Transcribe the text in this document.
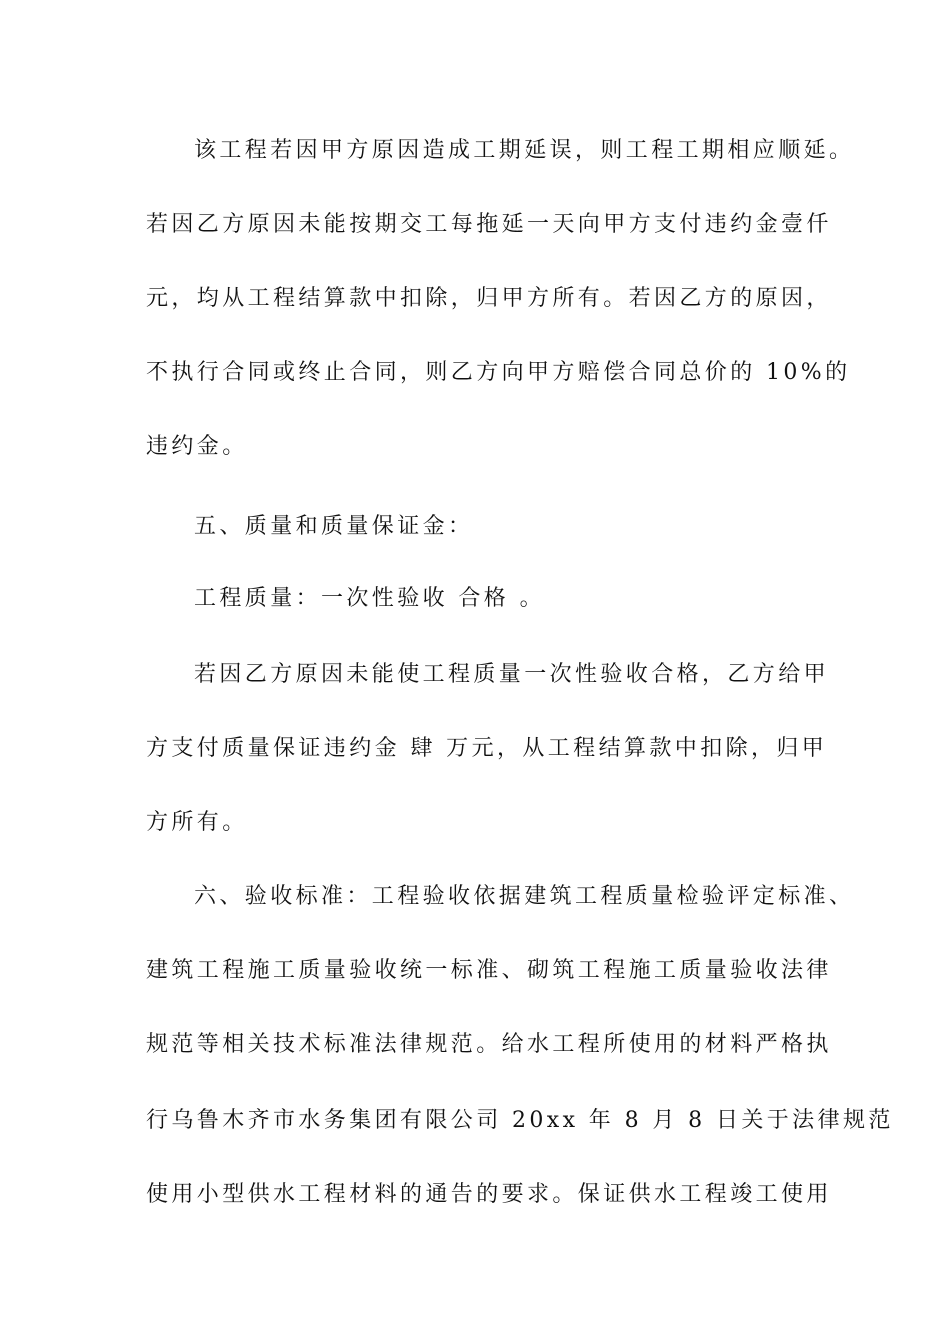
该工程若因甲方原因造成工期延误，则工程工期相应顺延。
若因乙方原因未能按期交工每拖延一天向甲方支付违约金壹仟
元，均从工程结算款中扣除，归甲方所有。若因乙方的原因，
不执行合同或终止合同，则乙方向甲方赔偿合同总价的 10%的
违约金。
五、质量和质量保证金：
工程质量：一次性验收 合格 。
若因乙方原因未能使工程质量一次性验收合格，乙方给甲
方支付质量保证违约金 肆 万元，从工程结算款中扣除，归甲
方所有。
六、验收标准：工程验收依据建筑工程质量检验评定标准、
建筑工程施工质量验收统一标准、砌筑工程施工质量验收法律
规范等相关技术标准法律规范。给水工程所使用的材料严格执
行乌鲁木齐市水务集团有限公司 20xx 年 8 月 8 日关于法律规范
使用小型供水工程材料的通告的要求。保证供水工程竣工使用
